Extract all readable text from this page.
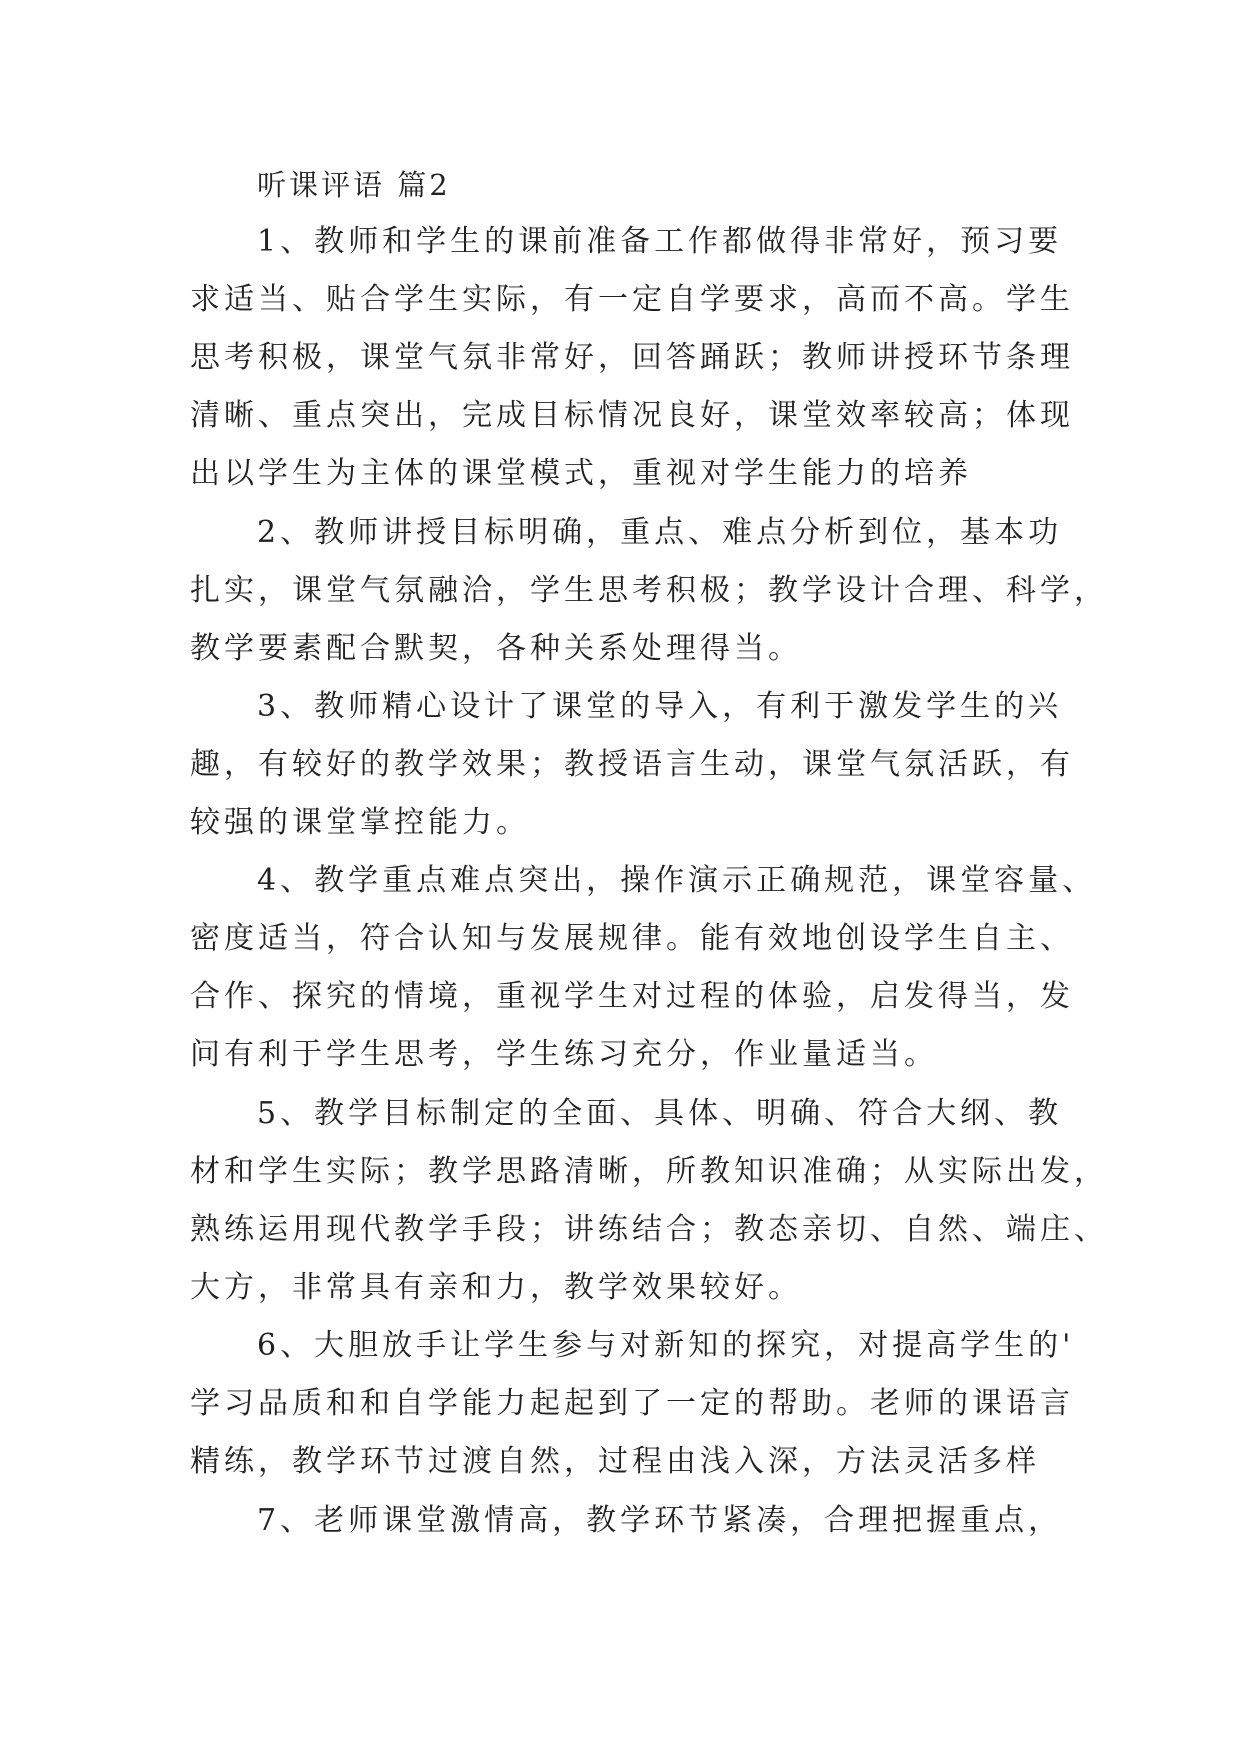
听课评语 篇2
1、教师和学生的课前准备工作都做得非常好，预习要
求适当、贴合学生实际，有一定自学要求，高而不高。学生
思考积极，课堂气氛非常好，回答踊跃；教师讲授环节条理
清晰、重点突出，完成目标情况良好，课堂效率较高；体现
出以学生为主体的课堂模式，重视对学生能力的培养
2、教师讲授目标明确，重点、难点分析到位，基本功
扎实，课堂气氛融洽，学生思考积极；教学设计合理、科学，
教学要素配合默契，各种关系处理得当。
3、教师精心设计了课堂的导入，有利于激发学生的兴
趣，有较好的教学效果；教授语言生动，课堂气氛活跃，有
较强的课堂掌控能力。
4、教学重点难点突出，操作演示正确规范，课堂容量、
密度适当，符合认知与发展规律。能有效地创设学生自主、
合作、探究的情境，重视学生对过程的体验，启发得当，发
问有利于学生思考，学生练习充分，作业量适当。
5、教学目标制定的全面、具体、明确、符合大纲、教
材和学生实际；教学思路清晰，所教知识准确；从实际出发，
熟练运用现代教学手段；讲练结合；教态亲切、自然、端庄、
大方，非常具有亲和力，教学效果较好。
6、大胆放手让学生参与对新知的探究，对提高学生的'
学习品质和和自学能力起起到了一定的帮助。老师的课语言
精练，教学环节过渡自然，过程由浅入深，方法灵活多样
7、老师课堂激情高，教学环节紧凑，合理把握重点，
